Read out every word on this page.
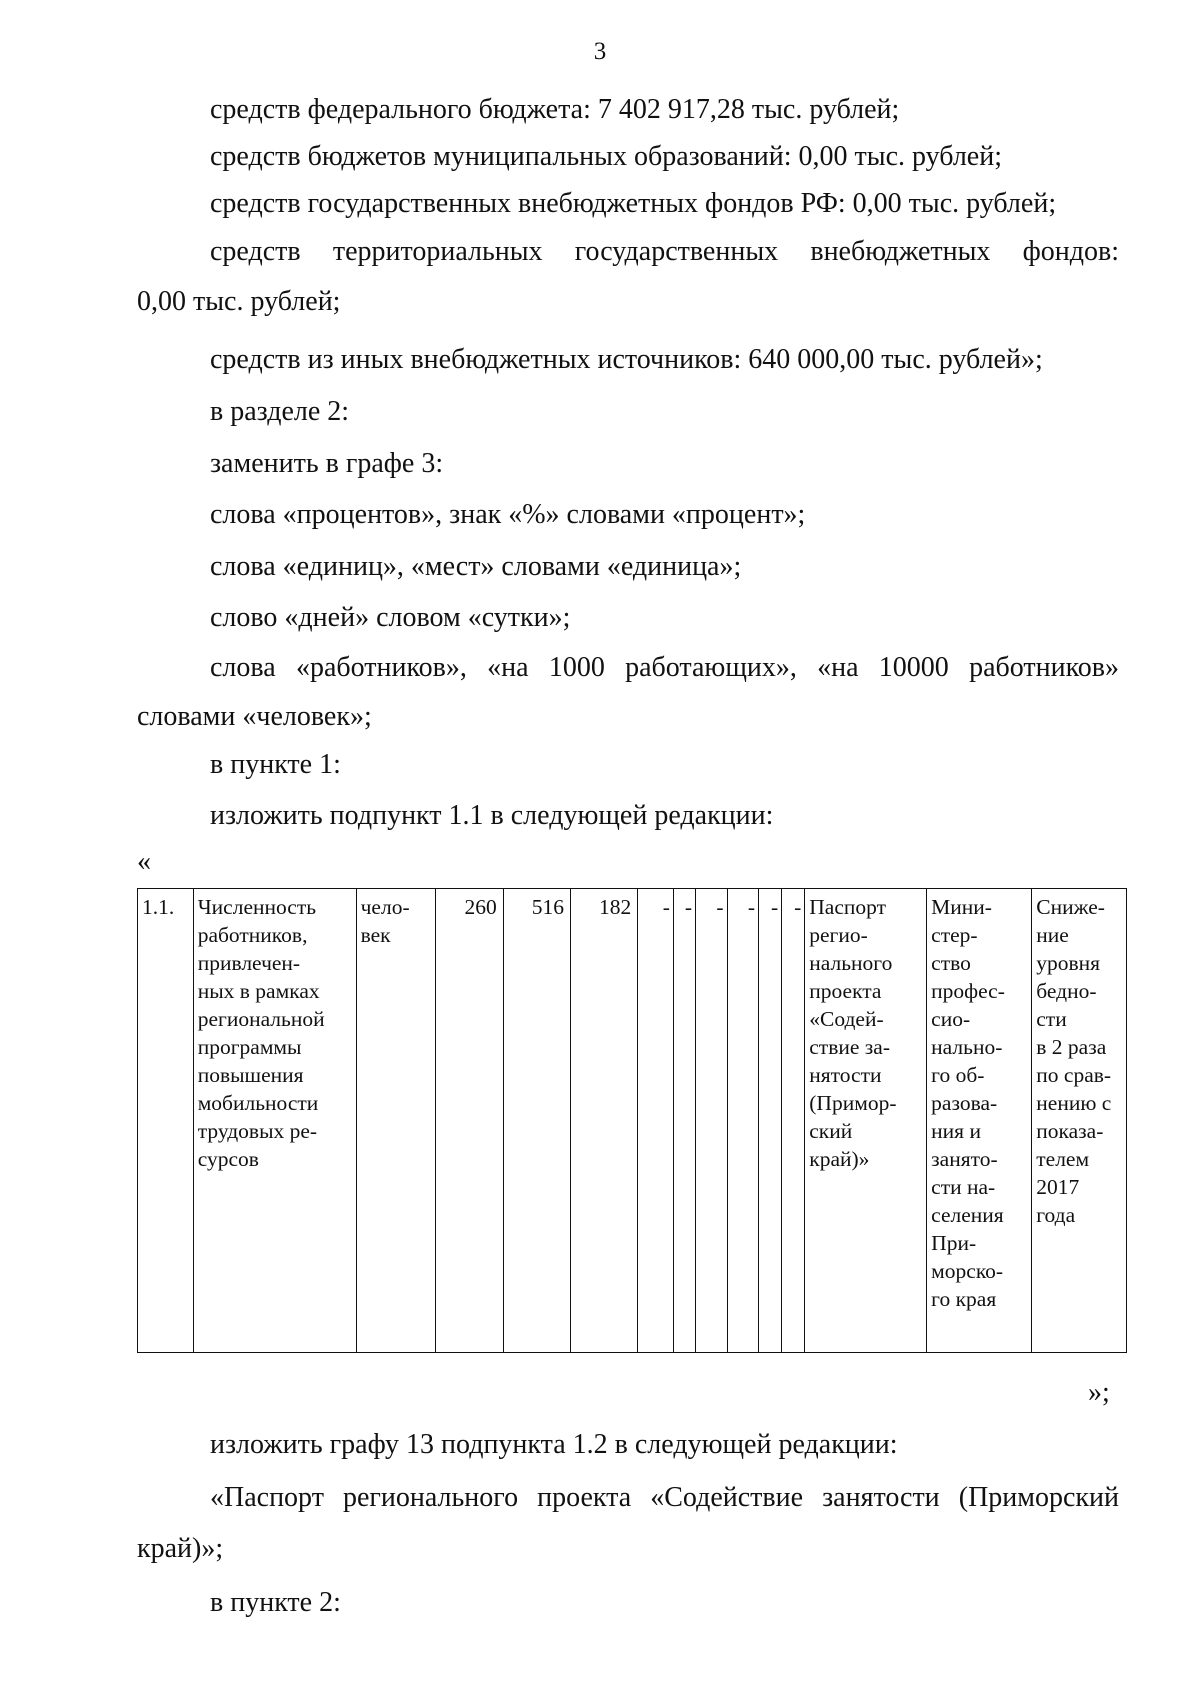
3

средств федерального бюджета: 7 402 917,28 тыс. рублей;

средств бюджетов муниципальных образований: 0,00 тыс. рублей;

средств государственных внебюджетных фондов РФ: 0,00 тыс. рублей;

средств территориальных государственных внебюджетных фондов:
0,00 тыс. рублей;

средств из иных внебюджетных источников: 640 000,00 тыс. рублей»;

в разделе 2:

заменить в графе 3:

слова «процентов», знак «%» словами «процент»;

слова «единиц», «мест» словами «единица»;

слово «дней» словом «сутки»;

слова «работников», «на 1000 работающих», «на 10000 работников»
словами «человек»;

в пункте 1:

изложить подпункт 1.1 в следующей редакции:

«
1.1.	Численность
работников,
привлечен-
ных в рамках
региональной
программы
повышения
мобильности
трудовых ре-
сурсов	чело-
век	260	516	182	-	-	-	-	-	-	Паспорт
регио-
нального
проекта
«Содей-
ствие за-
нятости
(Примор-
ский
край)»	Мини-
стер-
ство
профес-
сио-
нально-
го об-
разова-
ния и
занято-
сти на-
селения
При-
морско-
го края	Сниже-
ние
уровня
бедно-
сти
в 2 раза
по срав-
нению с
показа-
телем
2017
года
»;

изложить графу 13 подпункта 1.2 в следующей редакции:

«Паспорт регионального проекта «Содействие занятости (Приморский
край)»;

в пункте 2:
